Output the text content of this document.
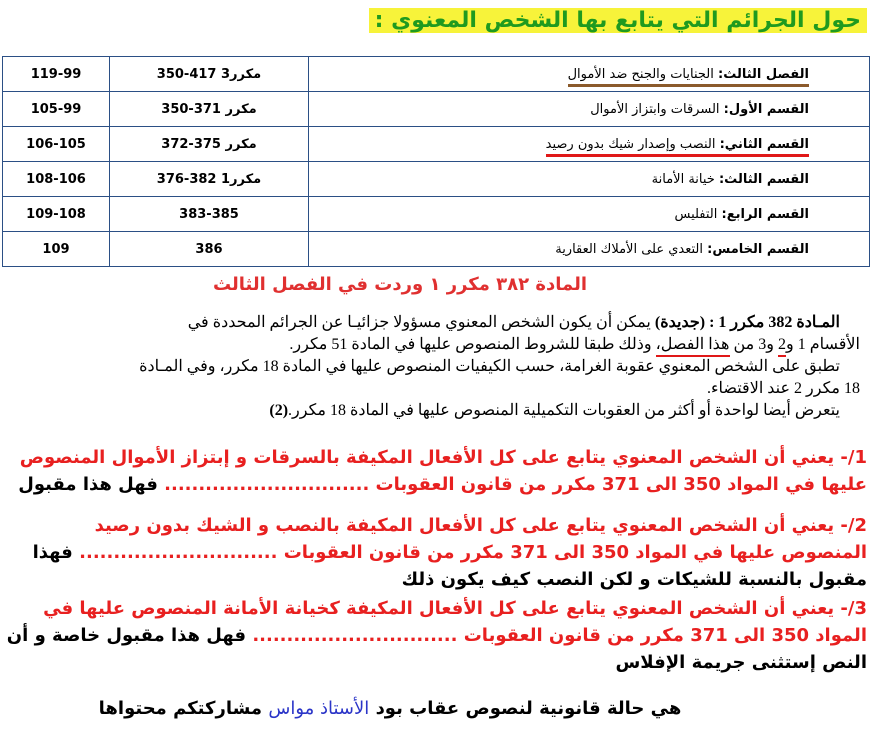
حول الجرائم التي يتابع بها الشخص المعنوي :
119-99	350-417 مكرر3	الفصل الثالث: الجنايات والجنح ضد الأموال
105-99	350-371 مكرر	القسم الأول: السرقات وابتزاز الأموال
106-105	372-375 مكرر	القسم الثاني: النصب وإصدار شيك بدون رصيد
108-106	376-382 مكرر1	القسم الثالث: خيانة الأمانة
109-108	383-385	القسم الرابع: التفليس
109	386	القسم الخامس: التعدي على الأملاك العقارية
المادة ٣٨٢ مكرر ١ وردت في الفصل الثالث
المـادة 382 مكرر 1 : (جديدة) يمكن أن يكون الشخص المعنوي مسؤولا جزائيـا عن الجرائم المحددة في
الأقسام 1 و2 و3 من هذا الفصل، وذلك طبقا للشروط المنصوص عليها في المادة 51 مكرر.
تطبق على الشخص المعنوي عقوبة الغرامة، حسب الكيفيات المنصوص عليها في المادة 18 مكرر، وفي المـادة
18 مكرر 2 عند الاقتضاء.
يتعرض أيضا لواحدة أو أكثر من العقوبات التكميلية المنصوص عليها في المادة 18 مكرر.(2)
1/- يعني أن الشخص المعنوي يتابع على كل الأفعال المكيفة بالسرقات و إبتزاز الأموال المنصوص
عليها في المواد 350 الى 371 مكرر من قانون العقوبات .............................. فهل هذا مقبول
2/- يعني أن الشخص المعنوي يتابع على كل الأفعال المكيفة بالنصب و الشيك بدون رصيد
المنصوص عليها في المواد 350 الى 371 مكرر من قانون العقوبات ............................. فهذا
مقبول بالنسبة للشيكات و لكن النصب كيف يكون ذلك
3/- يعني أن الشخص المعنوي يتابع على كل الأفعال المكيفة كخيانة الأمانة المنصوص عليها في
المواد 350 الى 371 مكرر من قانون العقوبات .............................. فهل هذا مقبول خاصة و أن
النص إستثنى جريمة الإفلاس
هي حالة قانونية لنصوص عقاب بود الأستاذ مواس مشاركتكم محتواها
